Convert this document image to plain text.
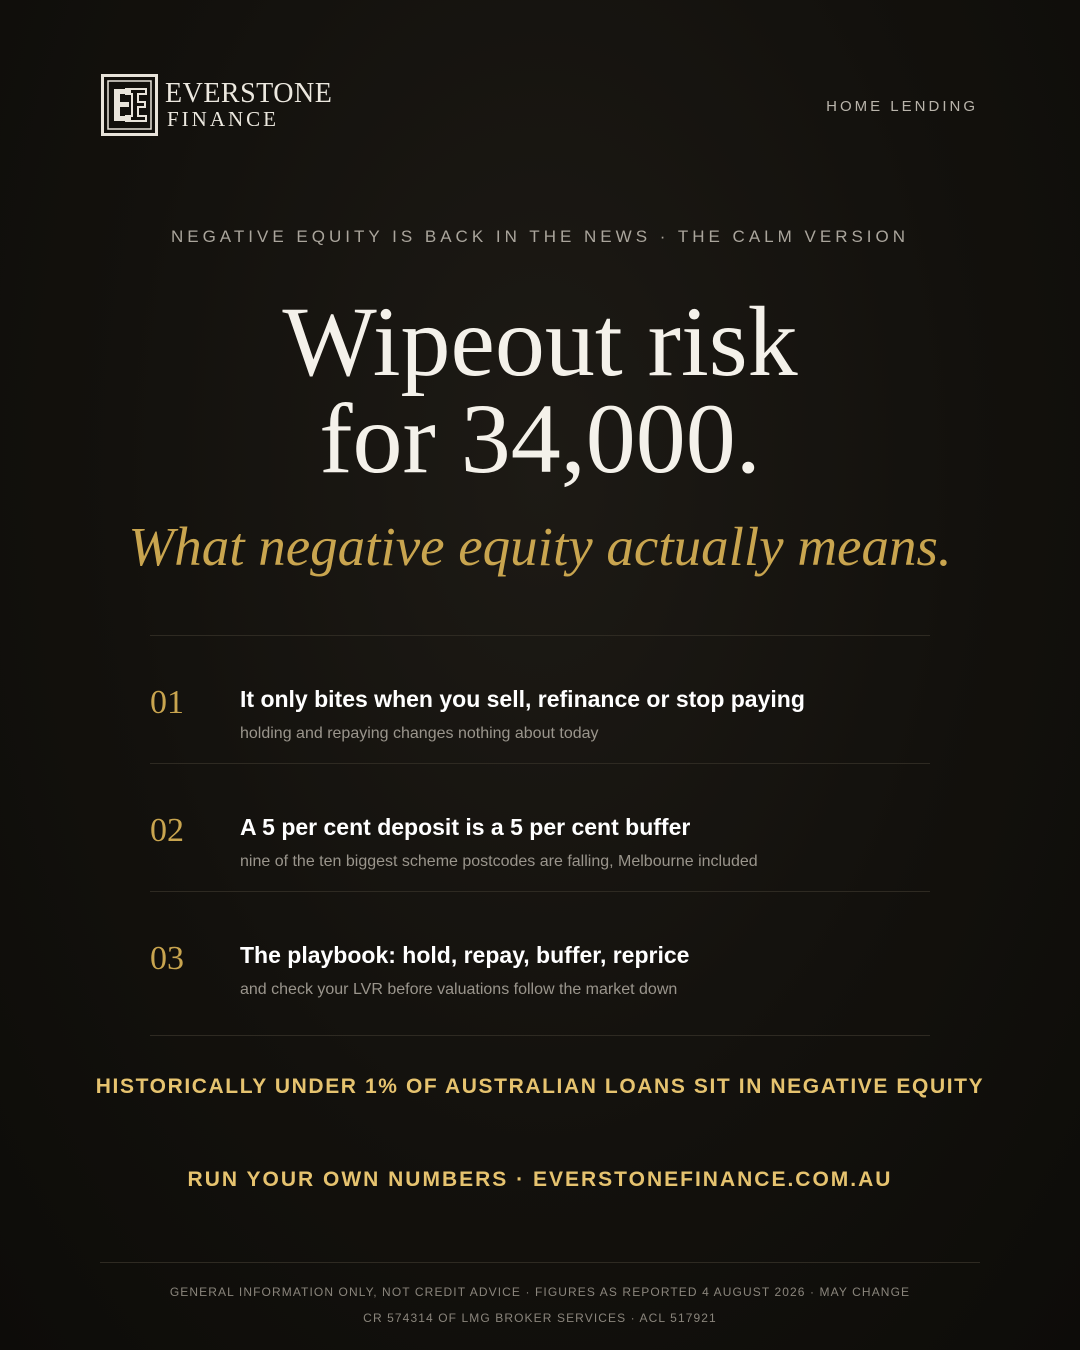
EVERSTONE
FINANCE
HOME LENDING
NEGATIVE EQUITY IS BACK IN THE NEWS · THE CALM VERSION
Wipeout risk
for 34,000.
What negative equity actually means.
01 It only bites when you sell, refinance or stop paying
holding and repaying changes nothing about today
02 A 5 per cent deposit is a 5 per cent buffer
nine of the ten biggest scheme postcodes are falling, Melbourne included
03 The playbook: hold, repay, buffer, reprice
and check your LVR before valuations follow the market down
HISTORICALLY UNDER 1% OF AUSTRALIAN LOANS SIT IN NEGATIVE EQUITY
RUN YOUR OWN NUMBERS · EVERSTONEFINANCE.COM.AU
GENERAL INFORMATION ONLY, NOT CREDIT ADVICE · FIGURES AS REPORTED 4 AUGUST 2026 · MAY CHANGE
CR 574314 OF LMG BROKER SERVICES · ACL 517921
